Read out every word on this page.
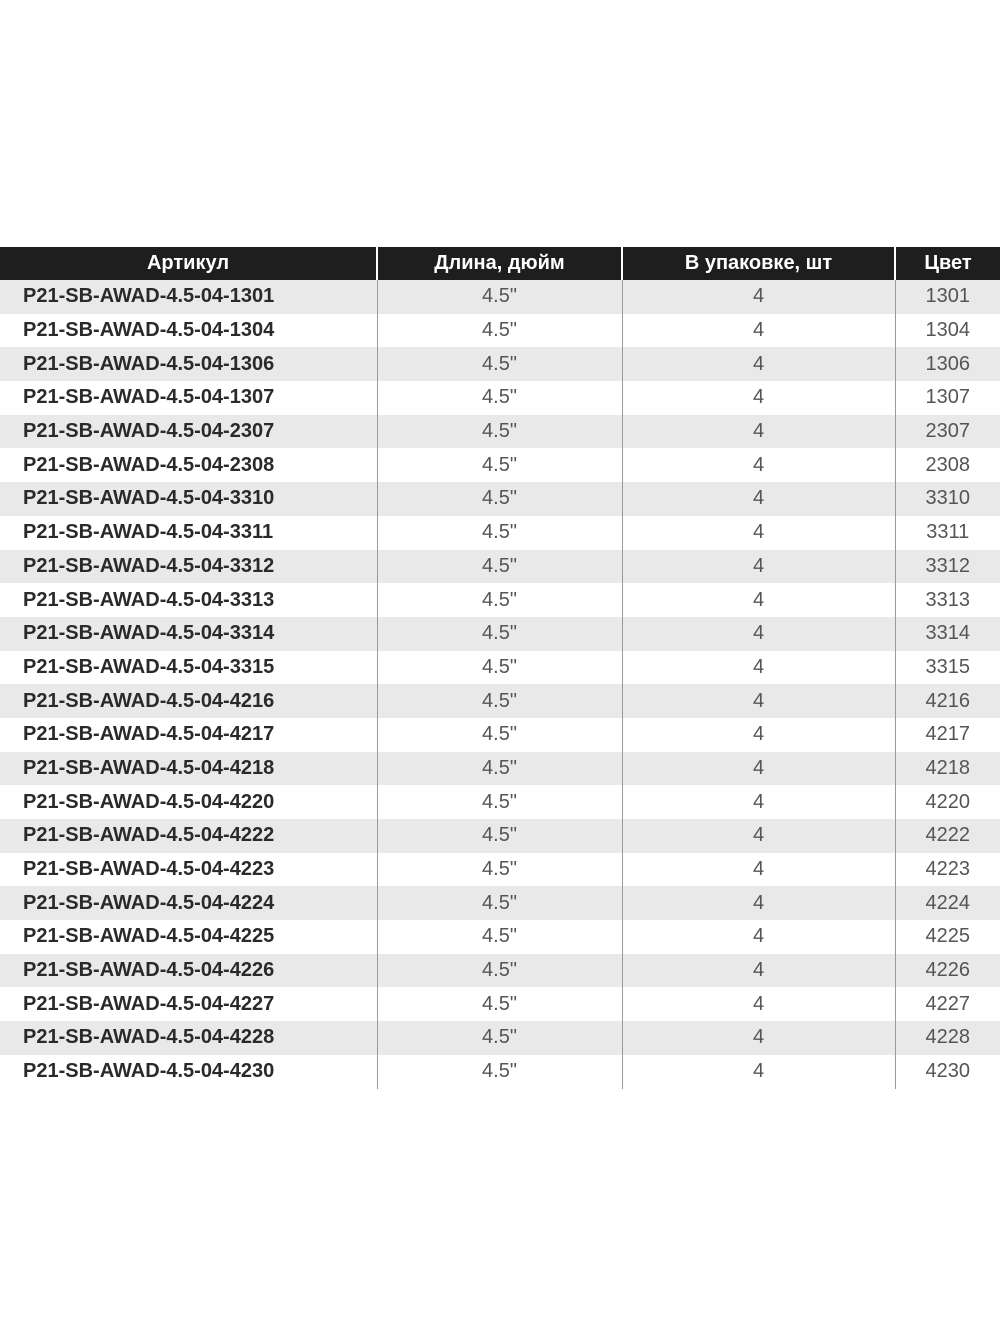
Артикул	Длина, дюйм	В упаковке, шт	Цвет
P21-SB-AWAD-4.5-04-1301	4.5"	4	1301
P21-SB-AWAD-4.5-04-1304	4.5"	4	1304
P21-SB-AWAD-4.5-04-1306	4.5"	4	1306
P21-SB-AWAD-4.5-04-1307	4.5"	4	1307
P21-SB-AWAD-4.5-04-2307	4.5"	4	2307
P21-SB-AWAD-4.5-04-2308	4.5"	4	2308
P21-SB-AWAD-4.5-04-3310	4.5"	4	3310
P21-SB-AWAD-4.5-04-3311	4.5"	4	3311
P21-SB-AWAD-4.5-04-3312	4.5"	4	3312
P21-SB-AWAD-4.5-04-3313	4.5"	4	3313
P21-SB-AWAD-4.5-04-3314	4.5"	4	3314
P21-SB-AWAD-4.5-04-3315	4.5"	4	3315
P21-SB-AWAD-4.5-04-4216	4.5"	4	4216
P21-SB-AWAD-4.5-04-4217	4.5"	4	4217
P21-SB-AWAD-4.5-04-4218	4.5"	4	4218
P21-SB-AWAD-4.5-04-4220	4.5"	4	4220
P21-SB-AWAD-4.5-04-4222	4.5"	4	4222
P21-SB-AWAD-4.5-04-4223	4.5"	4	4223
P21-SB-AWAD-4.5-04-4224	4.5"	4	4224
P21-SB-AWAD-4.5-04-4225	4.5"	4	4225
P21-SB-AWAD-4.5-04-4226	4.5"	4	4226
P21-SB-AWAD-4.5-04-4227	4.5"	4	4227
P21-SB-AWAD-4.5-04-4228	4.5"	4	4228
P21-SB-AWAD-4.5-04-4230	4.5"	4	4230
